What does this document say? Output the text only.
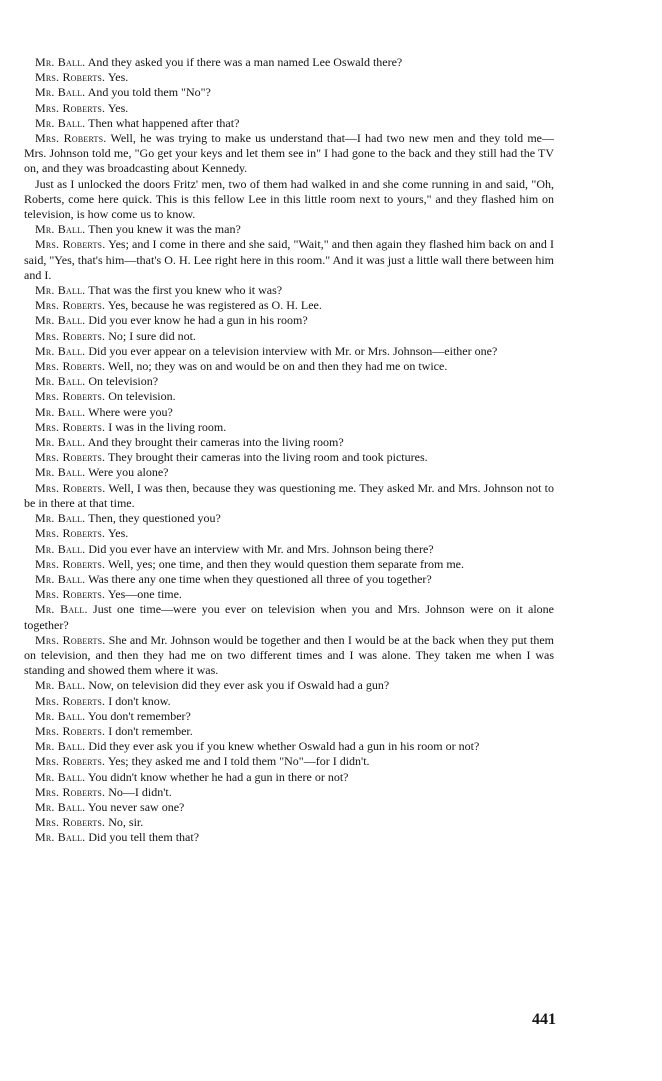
Mr. Ball. And they asked you if there was a man named Lee Oswald there?

Mrs. Roberts. Yes.

Mr. Ball. And you told them "No"?

Mrs. Roberts. Yes.

Mr. Ball. Then what happened after that?

Mrs. Roberts. Well, he was trying to make us understand that—I had two new men and they told me—Mrs. Johnson told me, "Go get your keys and let them see in" I had gone to the back and they still had the TV on, and they was broadcasting about Kennedy.

Just as I unlocked the doors Fritz' men, two of them had walked in and she come running in and said, "Oh, Roberts, come here quick. This is this fellow Lee in this little room next to yours," and they flashed him on television, is how come us to know.

Mr. Ball. Then you knew it was the man?

Mrs. Roberts. Yes; and I come in there and she said, "Wait," and then again they flashed him back on and I said, "Yes, that's him—that's O. H. Lee right here in this room." And it was just a little wall there between him and I.

Mr. Ball. That was the first you knew who it was?

Mrs. Roberts. Yes, because he was registered as O. H. Lee.

Mr. Ball. Did you ever know he had a gun in his room?

Mrs. Roberts. No; I sure did not.

Mr. Ball. Did you ever appear on a television interview with Mr. or Mrs. Johnson—either one?

Mrs. Roberts. Well, no; they was on and would be on and then they had me on twice.

Mr. Ball. On television?

Mrs. Roberts. On television.

Mr. Ball. Where were you?

Mrs. Roberts. I was in the living room.

Mr. Ball. And they brought their cameras into the living room?

Mrs. Roberts. They brought their cameras into the living room and took pictures.

Mr. Ball. Were you alone?

Mrs. Roberts. Well, I was then, because they was questioning me. They asked Mr. and Mrs. Johnson not to be in there at that time.

Mr. Ball. Then, they questioned you?

Mrs. Roberts. Yes.

Mr. Ball. Did you ever have an interview with Mr. and Mrs. Johnson being there?

Mrs. Roberts. Well, yes; one time, and then they would question them separate from me.

Mr. Ball. Was there any one time when they questioned all three of you together?

Mrs. Roberts. Yes—one time.

Mr. Ball. Just one time—were you ever on television when you and Mrs. Johnson were on it alone together?

Mrs. Roberts. She and Mr. Johnson would be together and then I would be at the back when they put them on television, and then they had me on two different times and I was alone. They taken me when I was standing and showed them where it was.

Mr. Ball. Now, on television did they ever ask you if Oswald had a gun?

Mrs. Roberts. I don't know.

Mr. Ball. You don't remember?

Mrs. Roberts. I don't remember.

Mr. Ball. Did they ever ask you if you knew whether Oswald had a gun in his room or not?

Mrs. Roberts. Yes; they asked me and I told them "No"—for I didn't.

Mr. Ball. You didn't know whether he had a gun in there or not?

Mrs. Roberts. No—I didn't.

Mr. Ball. You never saw one?

Mrs. Roberts. No, sir.

Mr. Ball. Did you tell them that?

441
